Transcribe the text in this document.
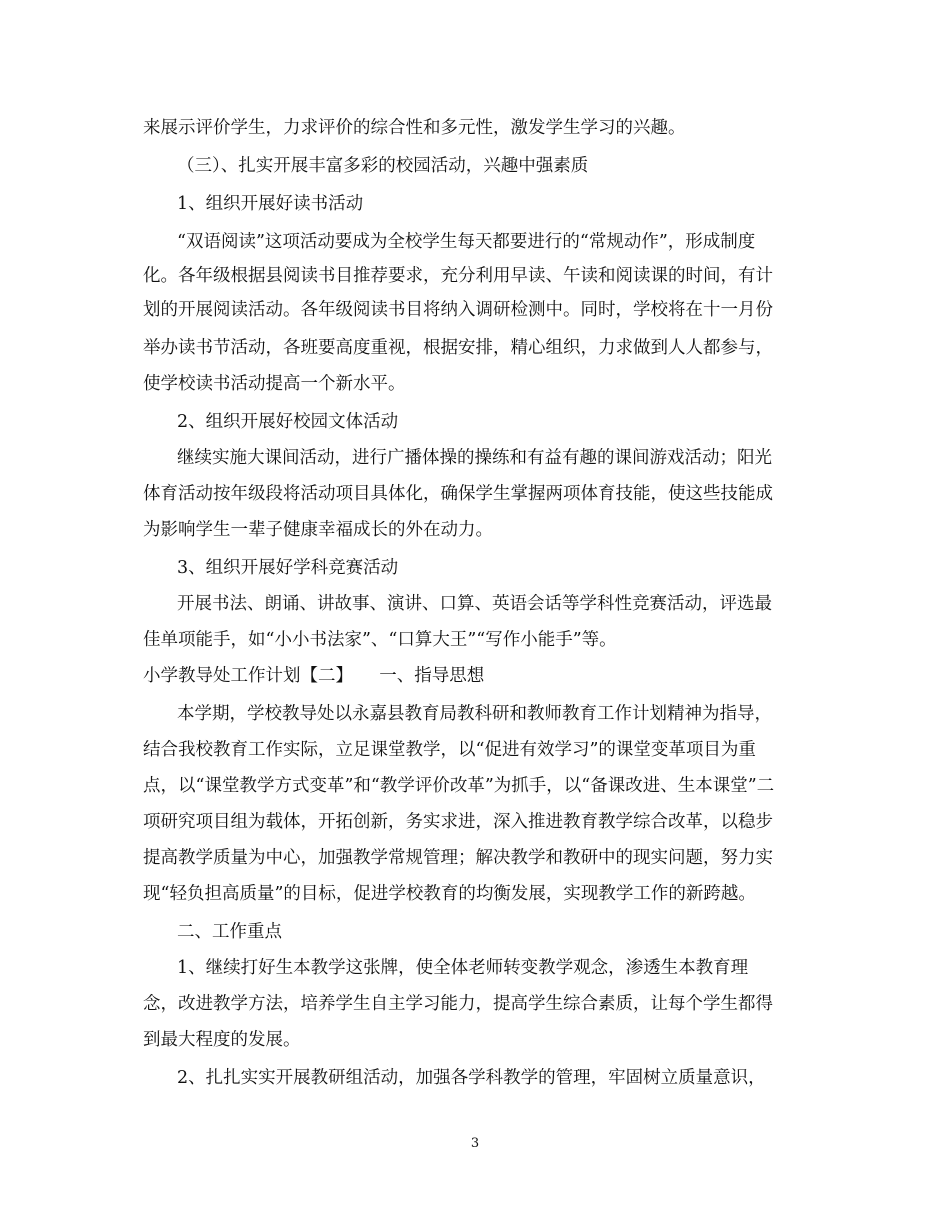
来展示评价学生，力求评价的综合性和多元性，激发学生学习的兴趣。
（三）、扎实开展丰富多彩的校园活动，兴趣中强素质
1、组织开展好读书活动
“双语阅读”这项活动要成为全校学生每天都要进行的“常规动作”，形成制度
化。各年级根据县阅读书目推荐要求，充分利用早读、午读和阅读课的时间，有计
划的开展阅读活动。各年级阅读书目将纳入调研检测中。同时，学校将在十一月份
举办读书节活动，各班要高度重视，根据安排，精心组织，力求做到人人都参与，
使学校读书活动提高一个新水平。
2、组织开展好校园文体活动
继续实施大课间活动，进行广播体操的操练和有益有趣的课间游戏活动；阳光
体育活动按年级段将活动项目具体化，确保学生掌握两项体育技能，使这些技能成
为影响学生一辈子健康幸福成长的外在动力。
3、组织开展好学科竞赛活动
开展书法、朗诵、讲故事、演讲、口算、英语会话等学科性竞赛活动，评选最
佳单项能手，如“小小书法家”、“口算大王”“写作小能手”等。
小学教导处工作计划【二】　　一、指导思想
本学期，学校教导处以永嘉县教育局教科研和教师教育工作计划精神为指导，
结合我校教育工作实际，立足课堂教学，以“促进有效学习”的课堂变革项目为重
点，以“课堂教学方式变革”和“教学评价改革”为抓手，以“备课改进、生本课堂”二
项研究项目组为载体，开拓创新，务实求进，深入推进教育教学综合改革，以稳步
提高教学质量为中心，加强教学常规管理；解决教学和教研中的现实问题，努力实
现“轻负担高质量”的目标，促进学校教育的均衡发展，实现教学工作的新跨越。
二、工作重点
1、继续打好生本教学这张牌，使全体老师转变教学观念，渗透生本教育理
念，改进教学方法，培养学生自主学习能力，提高学生综合素质，让每个学生都得
到最大程度的发展。
2、扎扎实实开展教研组活动，加强各学科教学的管理，牢固树立质量意识，
3
